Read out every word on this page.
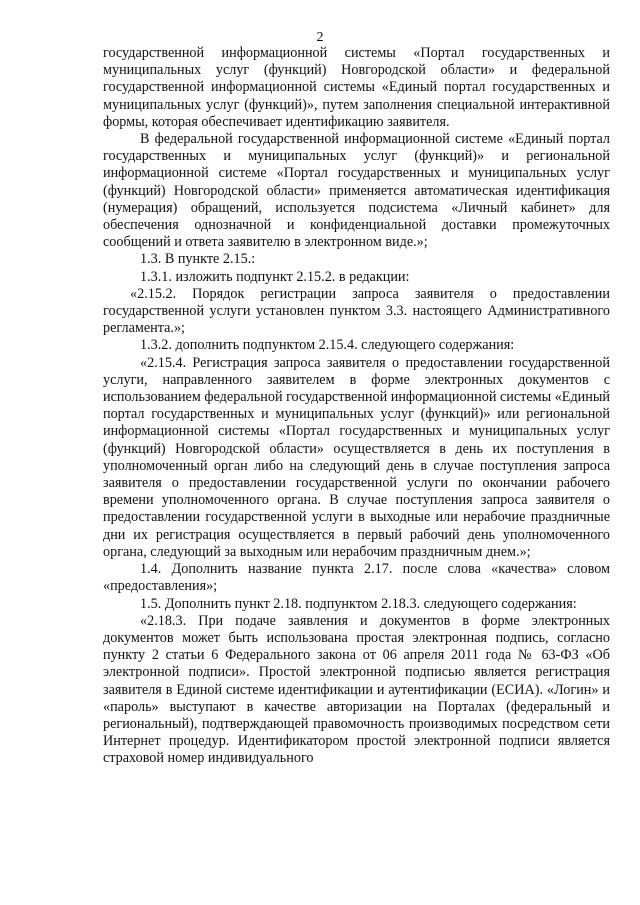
2

государственной информационной системы «Портал государственных и муниципальных услуг (функций) Новгородской области» и федеральной государственной информационной системы «Единый портал государственных и муниципальных услуг (функций)», путем заполнения специальной интерактивной формы, которая обеспечивает идентификацию заявителя.

В федеральной государственной информационной системе «Единый портал государственных и муниципальных услуг (функций)» и региональной информационной системе «Портал государственных и муниципальных услуг (функций) Новгородской области» применяется автоматическая идентификация (нумерация) обращений, используется подсистема «Личный кабинет» для обеспечения однозначной и конфиденциальной доставки промежуточных сообщений и ответа заявителю в электронном виде.»;

1.3. В пункте 2.15.:

1.3.1. изложить подпункт 2.15.2. в редакции:

«2.15.2. Порядок регистрации запроса заявителя о предоставлении государственной услуги установлен пунктом 3.3. настоящего Административного регламента.»;

1.3.2. дополнить подпунктом 2.15.4. следующего содержания:

«2.15.4. Регистрация запроса заявителя о предоставлении государственной услуги, направленного заявителем в форме электронных документов с использованием федеральной государственной информационной системы «Единый портал государственных и муниципальных услуг (функций)» или региональной информационной системы «Портал государственных и муниципальных услуг (функций) Новгородской области» осуществляется в день их поступления в уполномоченный орган либо на следующий день в случае поступления запроса заявителя о предоставлении государственной услуги по окончании рабочего времени уполномоченного органа. В случае поступления запроса заявителя о предоставлении государственной услуги в выходные или нерабочие праздничные дни их регистрация осуществляется в первый рабочий день уполномоченного органа, следующий за выходным или нерабочим праздничным днем.»;

1.4. Дополнить название пункта 2.17. после слова «качества» словом «предоставления»;

1.5. Дополнить пункт 2.18. подпунктом 2.18.3. следующего содержания:

«2.18.3. При подаче заявления и документов в форме электронных документов может быть использована простая электронная подпись, согласно пункту 2 статьи 6 Федерального закона от 06 апреля 2011 года № 63-ФЗ «Об электронной подписи». Простой электронной подписью является регистрация заявителя в Единой системе идентификации и аутентификации (ЕСИА). «Логин» и «пароль» выступают в качестве авторизации на Порталах (федеральный и региональный), подтверждающей правомочность производимых посредством сети Интернет процедур. Идентификатором простой электронной подписи является страховой номер индивидуального
